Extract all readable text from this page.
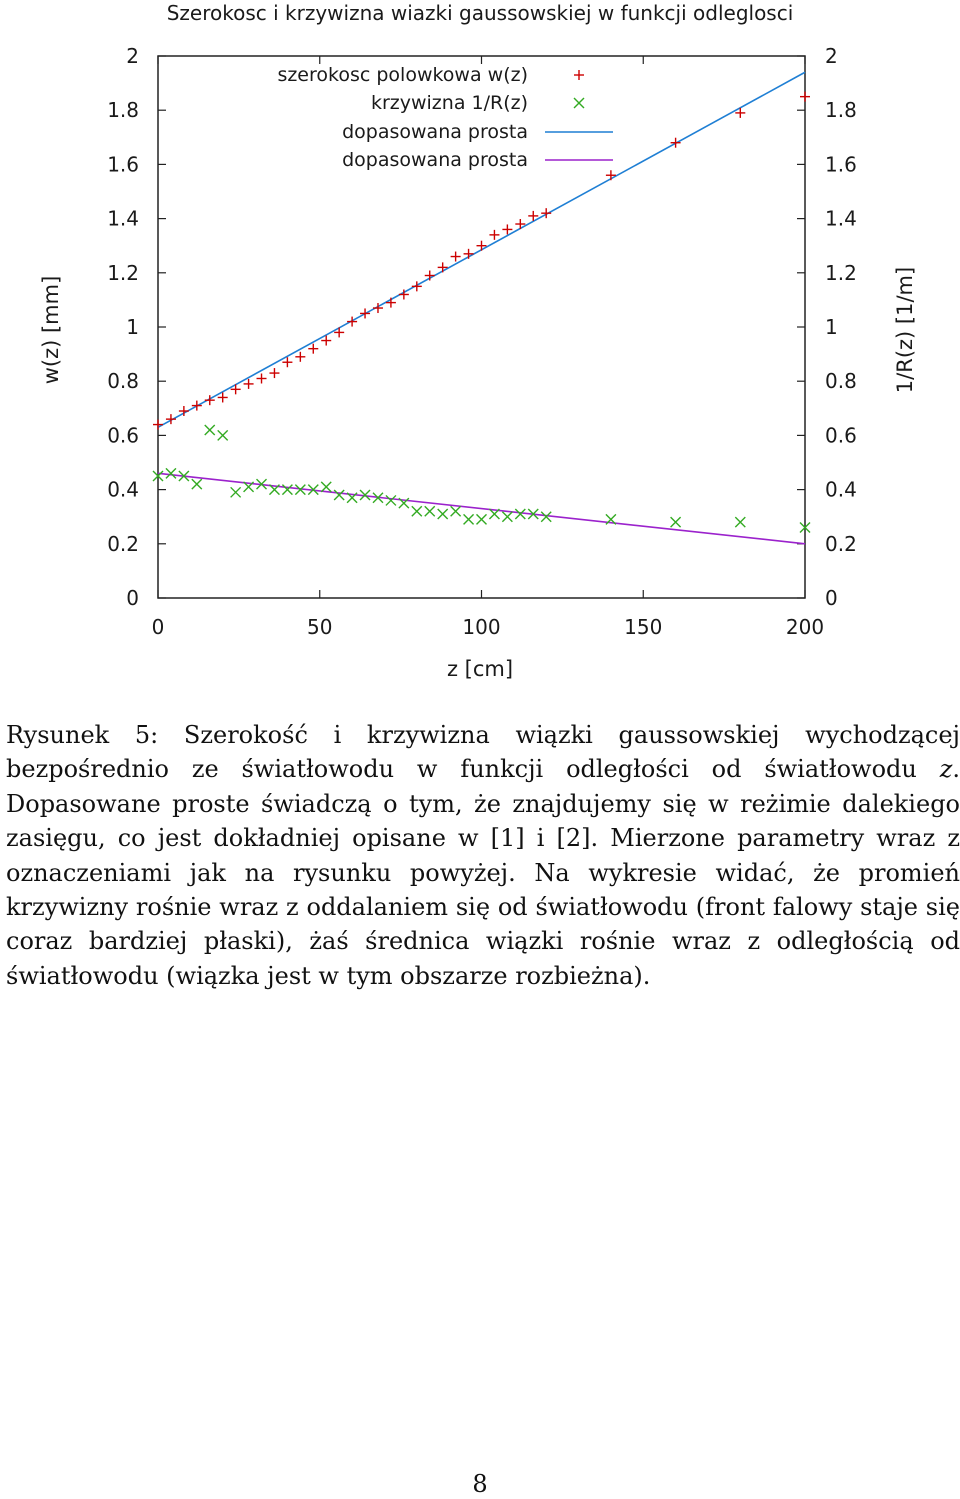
Szerokosc i krzywizna wiazki gaussowskiej w funkcji odleglosci
0
0.2
0.4
0.6
0.8
1
1.2
1.4
1.6
1.8
2
0
0.2
0.4
0.6
0.8
1
1.2
1.4
1.6
1.8
2
0	50	100	150	200
z [cm]
w(z) [mm]	1/R(z) [1/m]
szerokosc polowkowa w(z)
krzywizna 1/R(z)
dopasowana prosta
dopasowana prosta

Rysunek 5: Szerokość i krzywizna wiązki gaussowskiej wychodzącej bezpośrednio ze światłowodu w funkcji odległości od światłowodu z. Dopasowane proste świadczą o tym, że znajdujemy się w reżimie dalekiego zasięgu, co jest dokładniej opisane w [1] i [2]. Mierzone parametry wraz z oznaczeniami jak na rysunku powyżej. Na wykresie widać, że promień krzywizny rośnie wraz z oddalaniem się od światłowodu (front falowy staje się coraz bardziej płaski), żaś średnica wiązki rośnie wraz z odległością od światłowodu (wiązka jest w tym obszarze rozbieżna).

8
